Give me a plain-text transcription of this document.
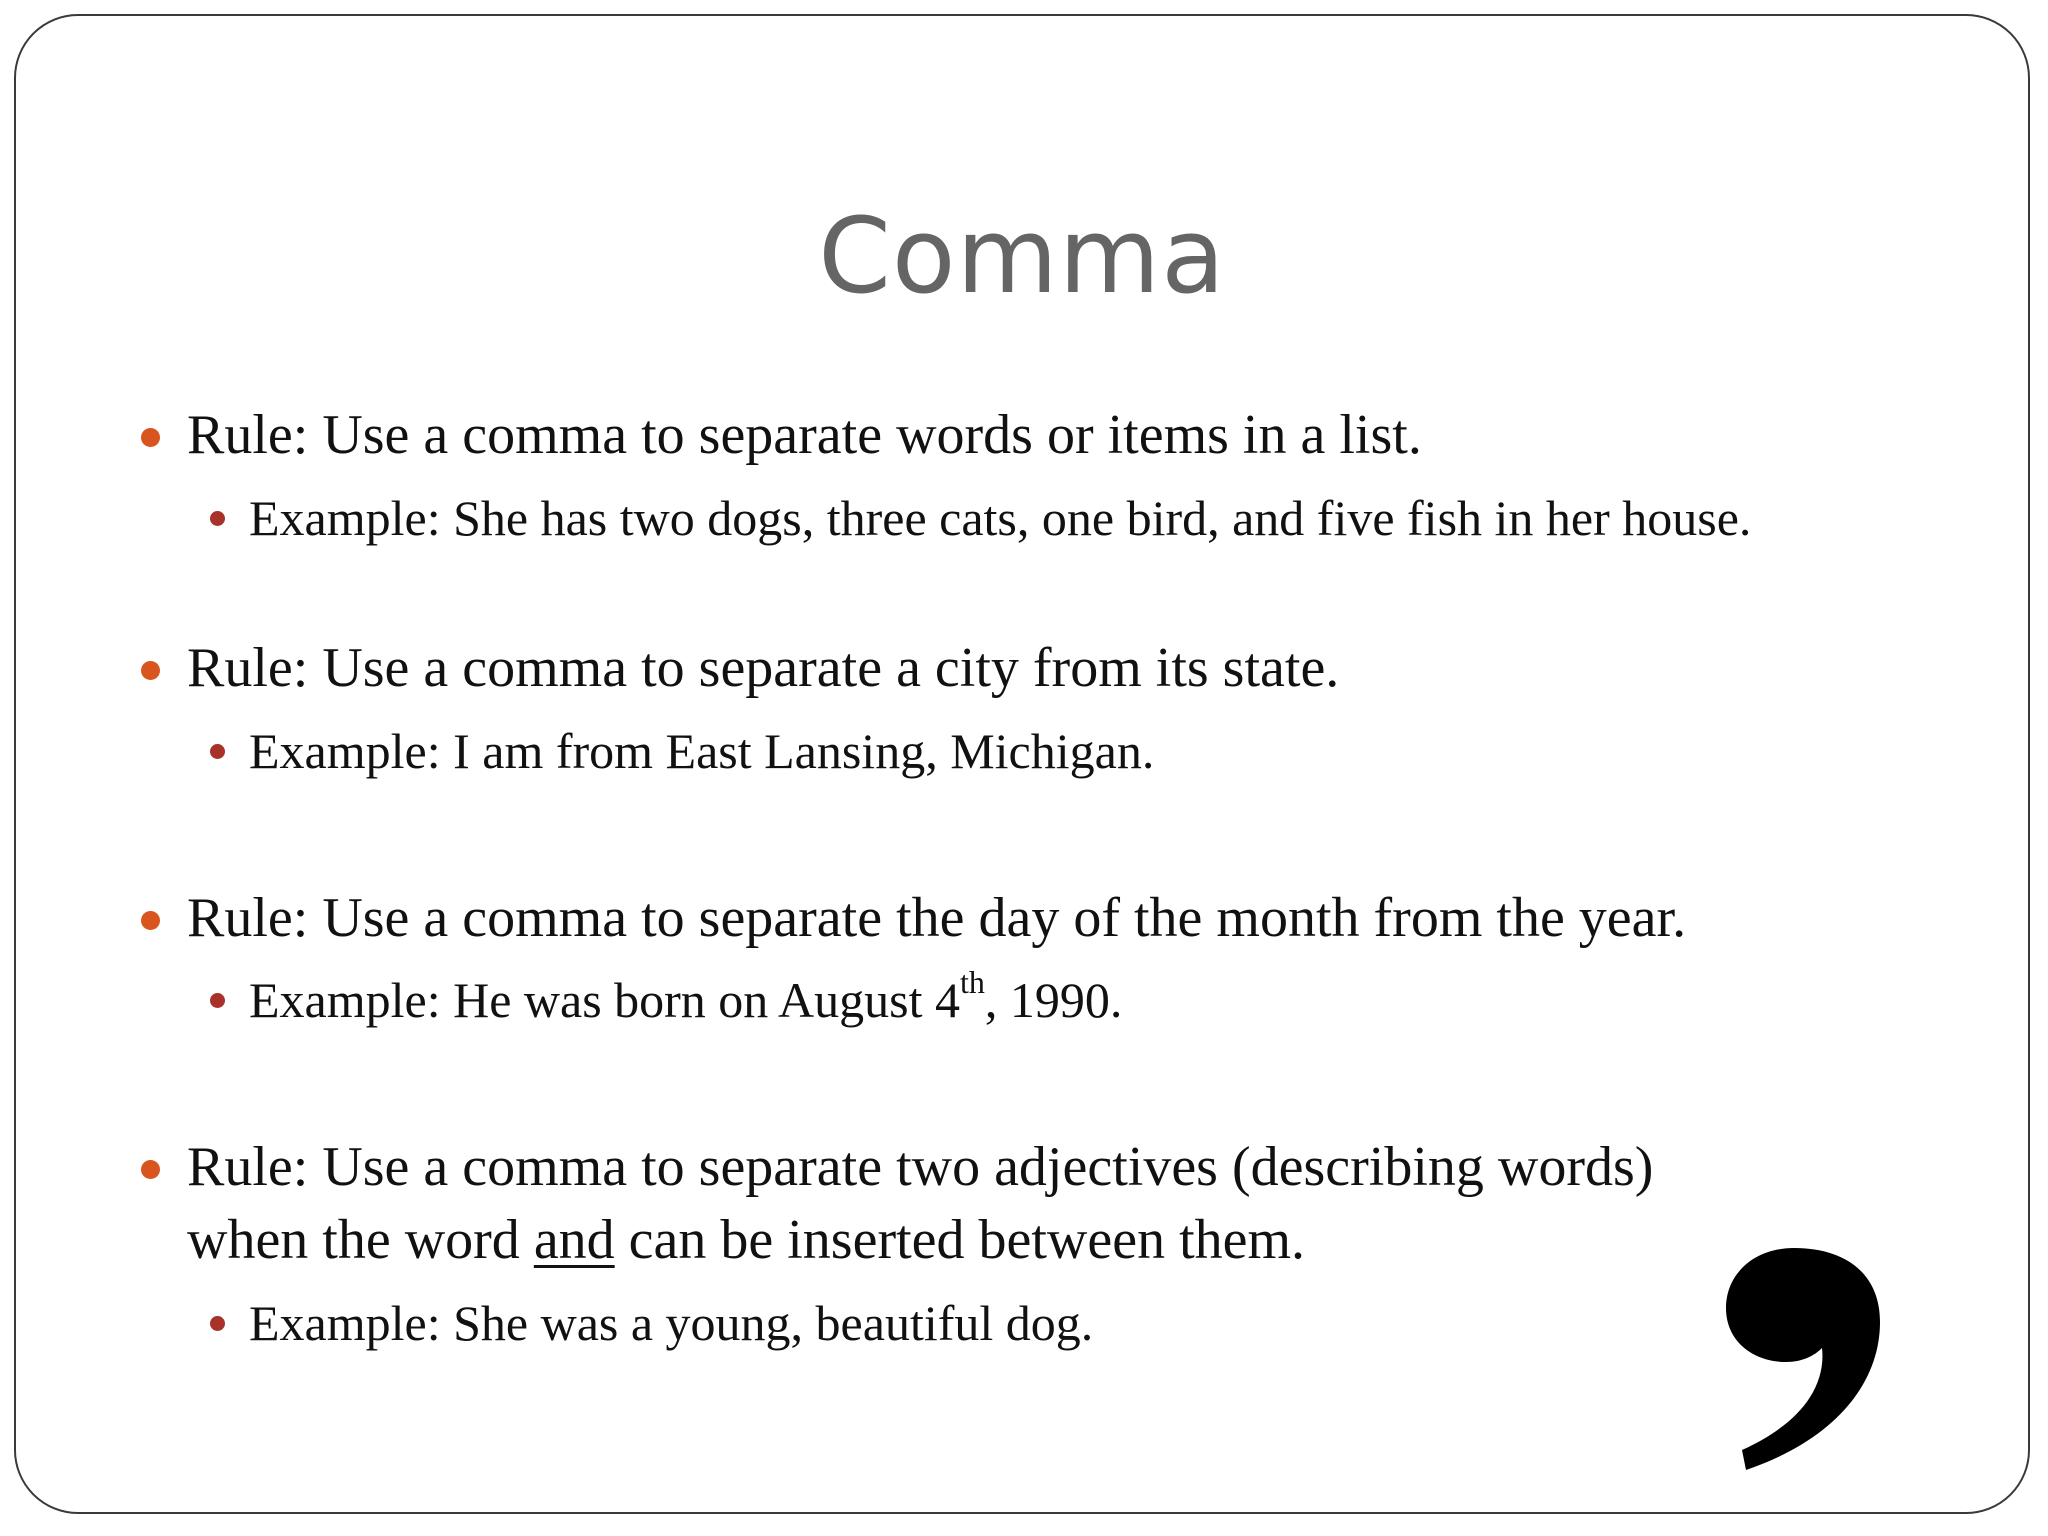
Comma
Rule: Use a comma to separate words or items in a list.
Example: She has two dogs, three cats, one bird, and five fish in her house.
Rule: Use a comma to separate a city from its state.
Example: I am from East Lansing, Michigan.
Rule: Use a comma to separate the day of the month from the year.
Example: He was born on August 4th, 1990.
Rule: Use a comma to separate two adjectives (describing words)
when the word and can be inserted between them.
Example: She was a young, beautiful dog.
